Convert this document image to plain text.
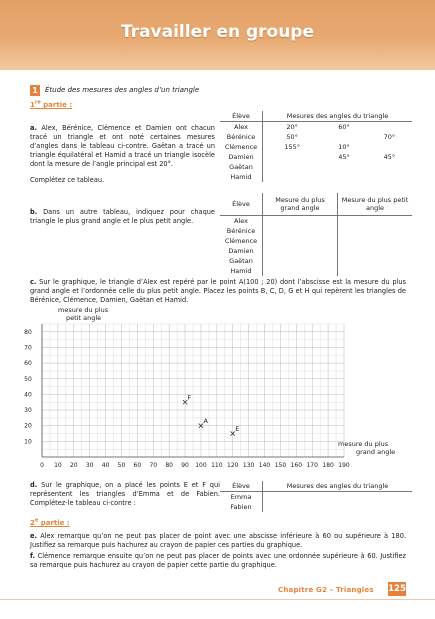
Travailler en groupe
1	Étude des mesures des angles d’un triangle
1re partie :
a. Alex, Bérénice, Clémence et Damien ont chacun tracé un triangle et ont noté certaines mesures d’angles dans le tableau ci-contre. Gaëtan a tracé un triangle équilatéral et Hamid a tracé un triangle isocèle dont la mesure de l’angle principal est 20°.
Complétez ce tableau.
Élève	Mesures des angles du triangle		
Alex	20°	60°	
Bérénice	50°		70°
Clémence	155°	10°	
Damien		45°	45°
Gaëtan			
Hamid			
b. Dans un autre tableau, indiquez pour chaque triangle le plus grand angle et le plus petit angle.
Élève	Mesure du plus grand angle	Mesure du plus petit angle
Alex		
Bérénice		
Clémence		
Damien		
Gaëtan		
Hamid		
c. Sur le graphique, le triangle d’Alex est repéré par le point A(100 ; 20) dont l’abscisse est la mesure du plus grand angle et l’ordonnée celle du plus petit angle. Placez les points B, C, D, G et H qui repèrent les triangles de Bérénice, Clémence, Damien, Gaëtan et Hamid.
mesure du plus
petit angle
mesure du plus
grand angle
0 10 20 30 40 50 60 70 80 90 100 110 120 130 140 150 160 170 180 190
10
20
30
40
50
60
70
80
F
A
E
d. Sur le graphique, on a placé les points E et F qui représentent les triangles d’Emma et de Fabien. Complétez-le tableau ci-contre :
Élève	Mesures des angles du triangle		
Emma			
Fabien			
2e partie :
e. Alex remarque qu’on ne peut pas placer de point avec une abscisse inférieure à 60 ou supérieure à 180. Justifiez sa remarque puis hachurez au crayon de papier ces parties du graphique.
f. Clémence remarque ensuite qu’on ne peut pas placer de points avec une ordonnée supérieure à 60. Justifiez sa remarque puis hachurez au crayon de papier cette partie du graphique.
Chapitre G2 – Triangles 125
